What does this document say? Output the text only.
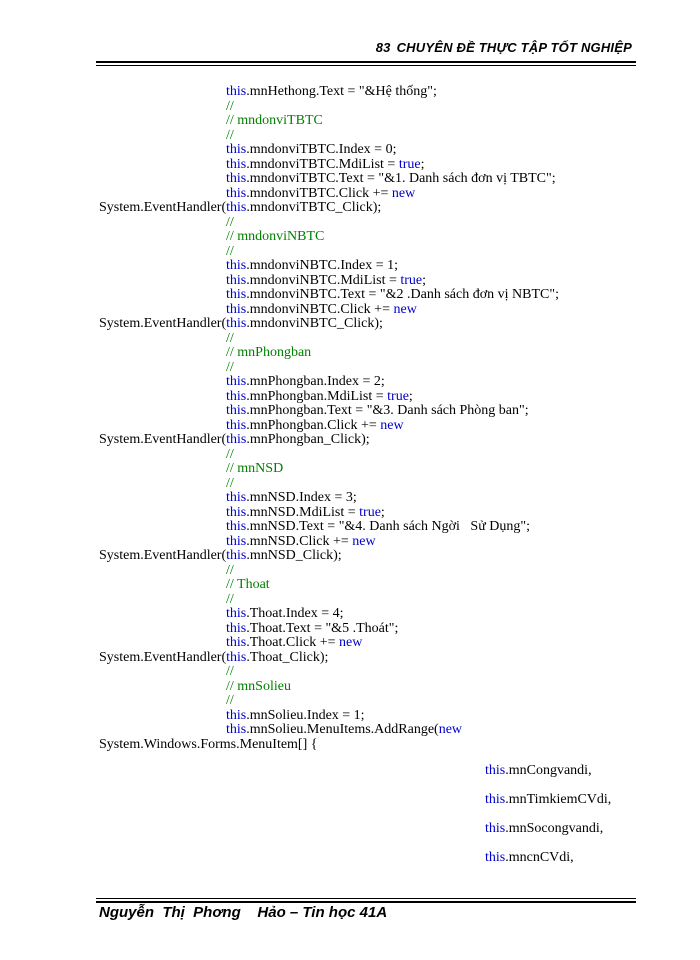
83 CHUYÊN ĐỀ THỰC TẬP TỐT NGHIỆP

this.mnHethong.Text = "&Hệ thống";
//
// mndonviTBTC
//
this.mndonviTBTC.Index = 0;
this.mndonviTBTC.MdiList = true;
this.mndonviTBTC.Text = "&1. Danh sách đơn vị TBTC";
this.mndonviTBTC.Click += new
System.EventHandler(this.mndonviTBTC_Click);
//
// mndonviNBTC
//
this.mndonviNBTC.Index = 1;
this.mndonviNBTC.MdiList = true;
this.mndonviNBTC.Text = "&2 .Danh sách đơn vị NBTC";
this.mndonviNBTC.Click += new
System.EventHandler(this.mndonviNBTC_Click);
//
// mnPhongban
//
this.mnPhongban.Index = 2;
this.mnPhongban.MdiList = true;
this.mnPhongban.Text = "&3. Danh sách Phòng ban";
this.mnPhongban.Click += new
System.EventHandler(this.mnPhongban_Click);
//
// mnNSD
//
this.mnNSD.Index = 3;
this.mnNSD.MdiList = true;
this.mnNSD.Text = "&4. Danh sách Ngời   Sử Dụng";
this.mnNSD.Click += new
System.EventHandler(this.mnNSD_Click);
//
// Thoat
//
this.Thoat.Index = 4;
this.Thoat.Text = "&5 .Thoát";
this.Thoat.Click += new
System.EventHandler(this.Thoat_Click);
//
// mnSolieu
//
this.mnSolieu.Index = 1;
this.mnSolieu.MenuItems.AddRange(new
System.Windows.Forms.MenuItem[] {
this.mnCongvandi,
this.mnTimkiemCVdi,
this.mnSocongvandi,
this.mncnCVdi,

Nguyễn  Thị  Phơng    Hảo – Tin học 41A
